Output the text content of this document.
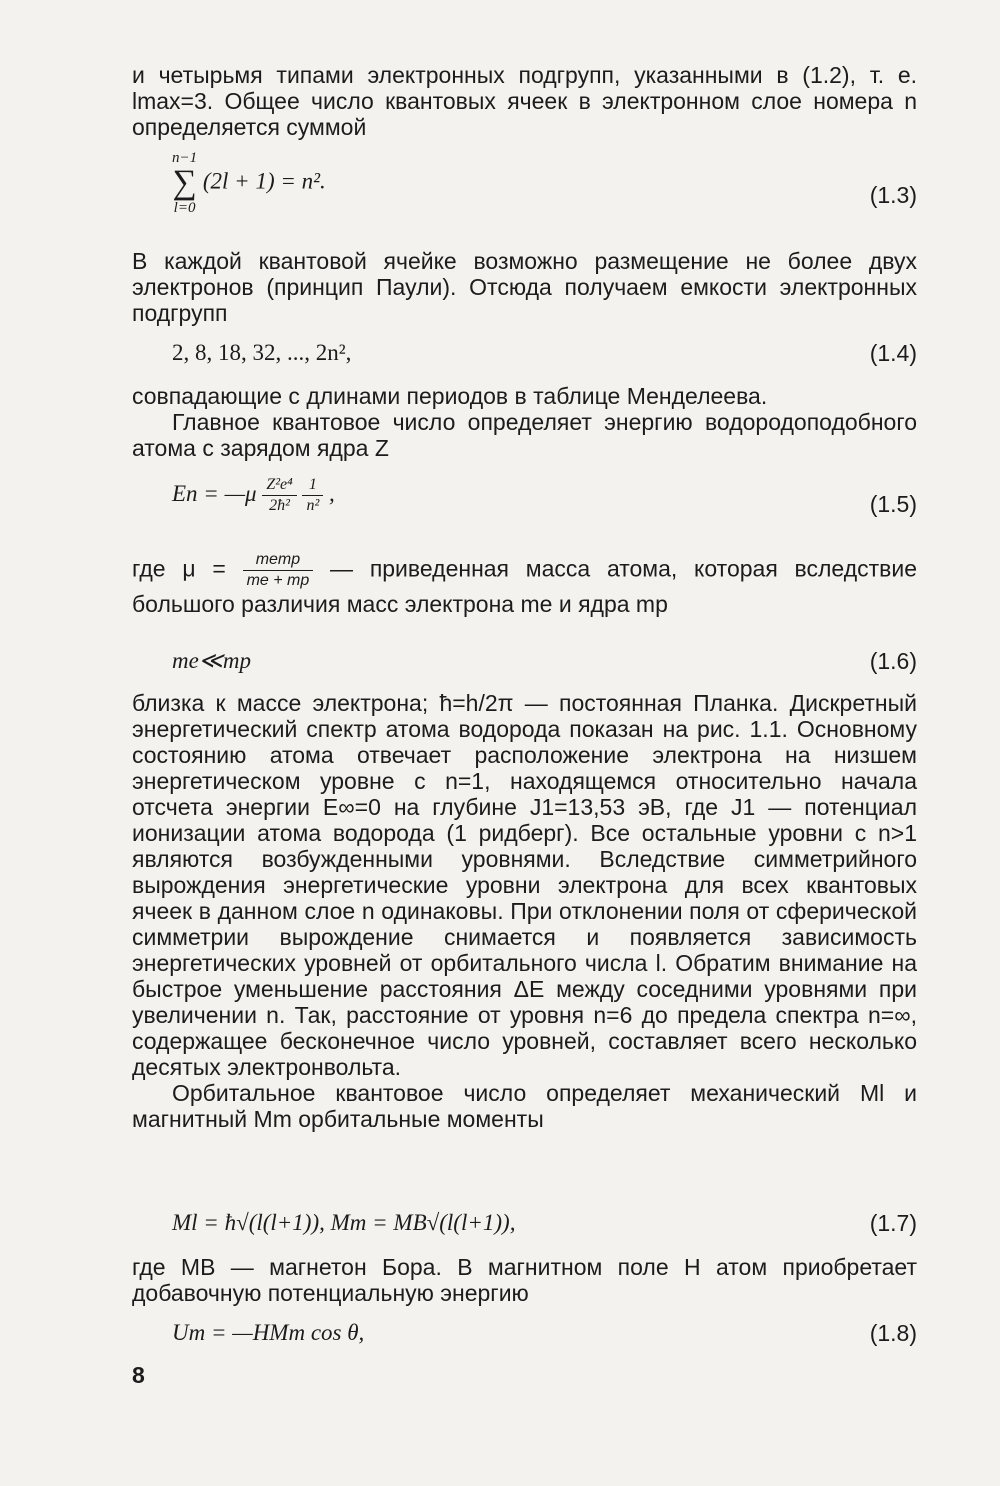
и четырьмя типами электронных подгрупп, указанными в (1.2), т. е. lmax=3. Общее число квантовых ячеек в электронном слое номера n определяется суммой

n−1
∑
l=0
(2l + 1) = n².
(1.3)

В каждой квантовой ячейке возможно размещение не более двух электронов (принцип Паули). Отсюда получаем емкости электронных подгрупп

2, 8, 18, 32, ..., 2n²,	(1.4)

совпадающие с длинами периодов в таблице Менделеева.

Главное квантовое число определяет энергию водородоподобного атома с зарядом ядра Z

En = —μ $\frac{\text{Z²e⁴}}{\text{2ħ²}}$
$\frac{1}{\text{n²}}$ ,	(1.5)

где $\mu = \frac{\text{memp}}{me + mp}$ — приведенная масса атома, которая вследствие большого различия масс электрона me и ядра mp

me≪mp	(1.6)

близка к массе электрона; ħ=h/2π — постоянная Планка. Дискретный энергетический спектр атома водорода показан на рис. 1.1. Основному состоянию атома отвечает расположение электрона на низшем энергетическом уровне с n=1, находящемся относительно начала отсчета энергии E∞=0 на глубине J1=13,53 эВ, где J1 — потенциал ионизации атома водорода (1 ридберг). Все остальные уровни с n>1 являются возбужденными уровнями. Вследствие симметрийного вырождения энергетические уровни электрона для всех квантовых ячеек в данном слое n одинаковы. При отклонении поля от сферической симметрии вырождение снимается и появляется зависимость энергетических уровней от орбитального числа l. Обратим внимание на быстрое уменьшение расстояния ΔE между соседними уровнями при увеличении n. Так, расстояние от уровня n=6 до предела спектра n=∞, содержащее бесконечное число уровней, составляет всего несколько десятых электронвольта.

Орбитальное квантовое число определяет механический Ml и магнитный Mm орбитальные моменты

Ml = ħ√(l(l+1)), Mm = MB√(l(l+1)),	(1.7)

где MB — магнетон Бора. В магнитном поле H атом приобретает добавочную потенциальную энергию

Um = —HMm cos θ,	(1.8)
8
